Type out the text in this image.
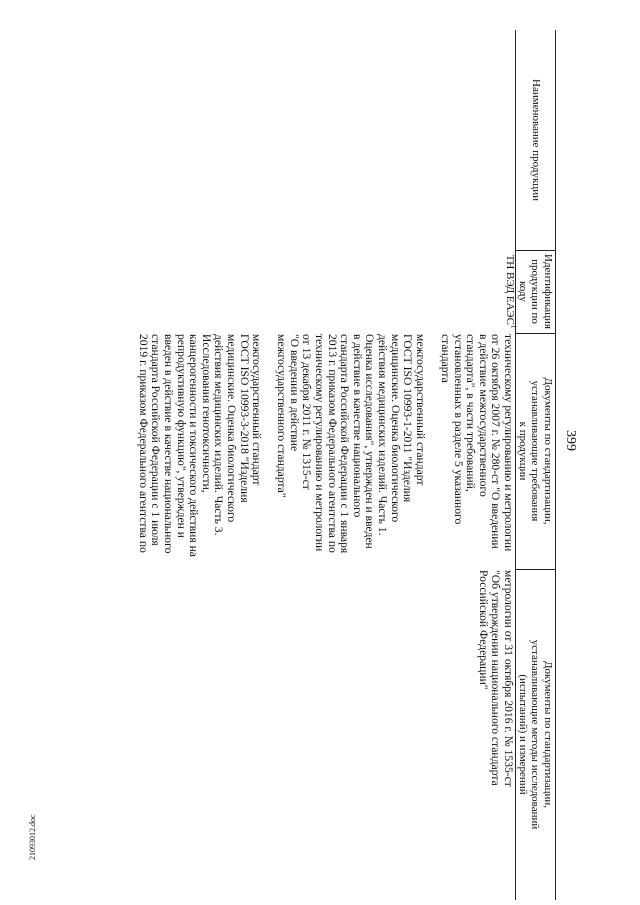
399
Наименование продукции
Идентификация
продукции по коду
ТН ВЭД ЕАЭС$^1$
Документы по стандартизации,
устанавливающие требования
к продукции
Документы по стандартизации,
устанавливающие методы исследований
(испытаний) и измерений
техническому регулированию и метрологии
от 26 октября 2007 г. № 280-ст "О введении
в действие межгосударственного
стандарта", в части требований,
установленных в разделе 5 указанного
стандарта
межгосударственный стандарт
ГОСТ ISO 10993-1-2011 "Изделия
медицинские. Оценка биологического
действия медицинских изделий. Часть 1.
Оценка исследования", утвержден и введен
в действие в качестве национального
стандарта Российской Федерации с 1 января
2013 г. приказом Федерального агентства по
техническому регулированию и метрологии
от 13 декабря 2011 г. № 1315-ст
"О введении в действие
межгосударственного стандарта"
межгосударственный стандарт
ГОСТ ISO 10993-3-2018 "Изделия
медицинские. Оценка биологического
действия медицинских изделий. Часть 3.
Исследования генотоксичности,
канцерогенности и токсического действия на
репродуктивную функцию", утвержден и
введен в действие в качестве национального
стандарта Российской Федерации с 1 июля
2019 г. приказом Федерального агентства по
метрологии от 31 октября 2016 г. № 1535-ст
"Об утверждении национального стандарта
Российской Федерации"
21093012.doc
